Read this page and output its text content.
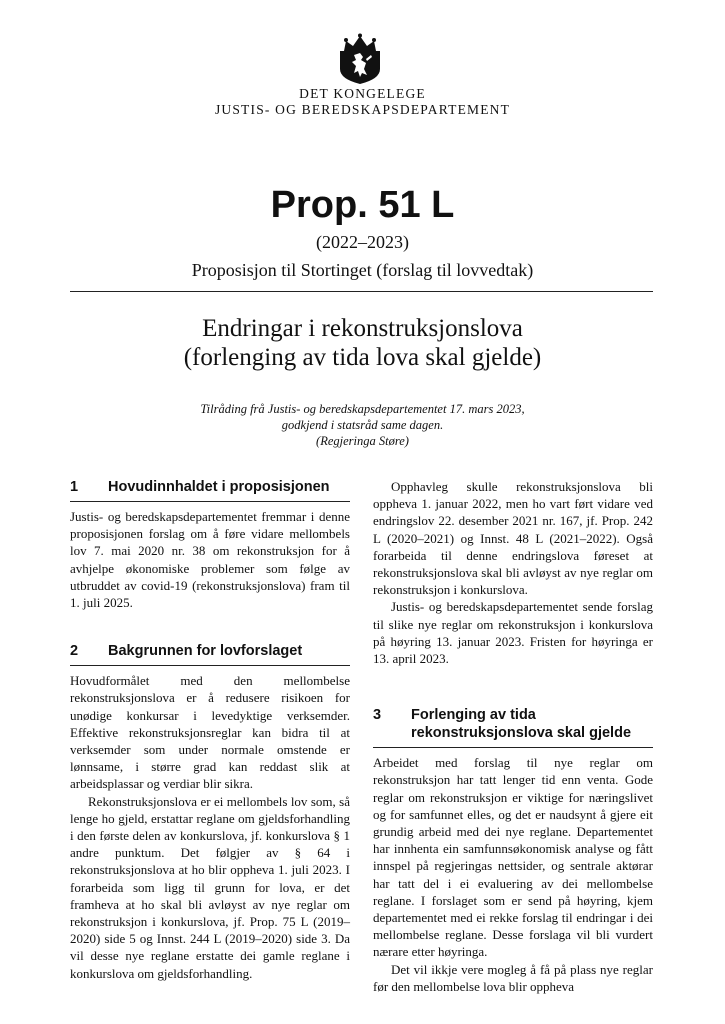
DET KONGELEGE
JUSTIS- OG BEREDSKAPSDEPARTEMENT
Prop. 51 L
(2022–2023)
Proposisjon til Stortinget (forslag til lovvedtak)
Endringar i rekonstruksjonslova
(forlenging av tida lova skal gjelde)
Tilråding frå Justis- og beredskapsdepartementet 17. mars 2023,
godkjend i statsråd same dagen.
(Regjeringa Støre)
1	Hovudinnhaldet i proposisjonen

Justis- og beredskapsdepartementet fremmar i denne proposisjonen forslag om å føre vidare mellombels lov 7. mai 2020 nr. 38 om rekonstruksjon for å avhjelpe økonomiske problemer som følge av utbruddet av covid-19 (rekonstruksjonslova) fram til 1. juli 2025.

2	Bakgrunnen for lovforslaget

Hovudformålet med den mellombelse rekonstruksjonslova er å redusere risikoen for unødige konkursar i levedyktige verksemder. Effektive rekonstruksjonsreglar kan bidra til at verksemder som under normale omstende er lønnsame, i større grad kan reddast slik at arbeidsplassar og verdiar blir sikra.

Rekonstruksjonslova er ei mellombels lov som, så lenge ho gjeld, erstattar reglane om gjeldsforhandling i den første delen av konkurslova, jf. konkurslova § 1 andre punktum. Det følgjer av § 64 i rekonstruksjonslova at ho blir oppheva 1. juli 2023. I forarbeida som ligg til grunn for lova, er det framheva at ho skal bli avløyst av nye reglar om rekonstruksjon i konkurslova, jf. Prop. 75 L (2019–2020) side 5 og Innst. 244 L (2019–2020) side 3. Da vil desse nye reglane erstatte dei gamle reglane i konkurslova om gjeldsforhandling.

Opphavleg skulle rekonstruksjonslova bli oppheva 1. januar 2022, men ho vart ført vidare ved endringslov 22. desember 2021 nr. 167, jf. Prop. 242 L (2020–2021) og Innst. 48 L (2021–2022). Også forarbeida til denne endringslova føreset at rekonstruksjonslova skal bli avløyst av nye reglar om rekonstruksjon i konkurslova.

Justis- og beredskapsdepartementet sende forslag til slike nye reglar om rekonstruksjon i konkurslova på høyring 13. januar 2023. Fristen for høyringa er 13. april 2023.

3	Forlenging av tida rekonstruksjonslova skal gjelde

Arbeidet med forslag til nye reglar om rekonstruksjon har tatt lenger tid enn venta. Gode reglar om rekonstruksjon er viktige for næringslivet og for samfunnet elles, og det er naudsynt å gjere eit grundig arbeid med dei nye reglane. Departementet har innhenta ein samfunnsøkonomisk analyse og fått innspel på regjeringas nettsider, og sentrale aktørar har tatt del i ei evaluering av dei mellombelse reglane. I forslaget som er send på høyring, kjem departementet med ei rekke forslag til endringar i dei mellombelse reglane. Desse forslaga vil bli vurdert nærare etter høyringa.

Det vil ikkje vere mogleg å få på plass nye reglar før den mellombelse lova blir oppheva
